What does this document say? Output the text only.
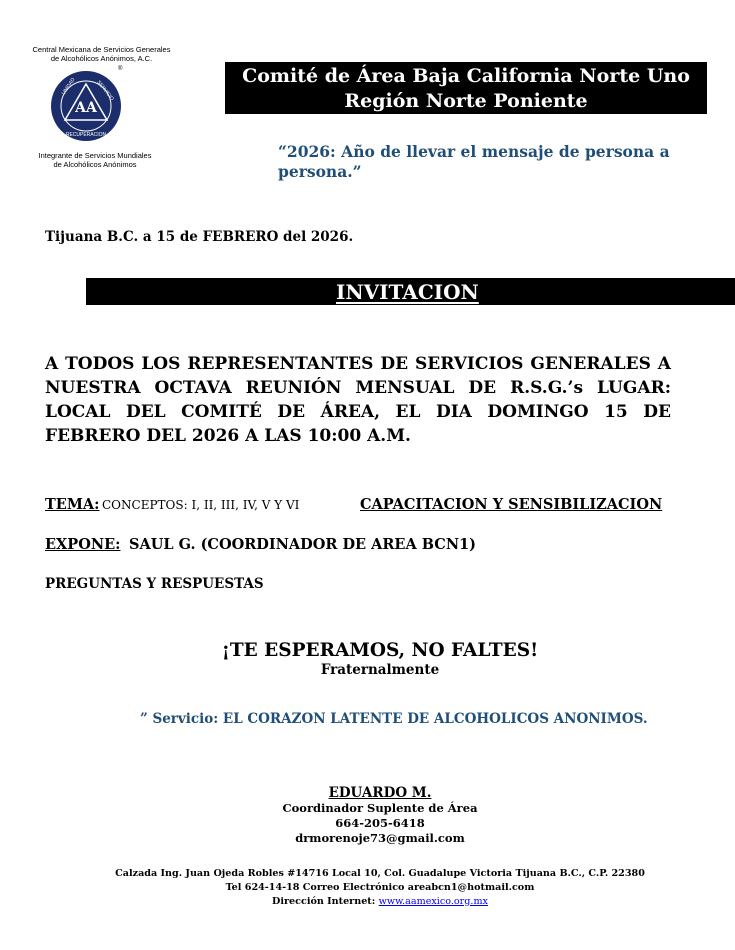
Central Mexicana de Servicios Generales
de Alcohólicos Anónimos, A.C.
AA
UNIDAD	SERVICIO
RECUPERACION
®
Integrante de Servicios Mundiales
de Alcohólicos Anónimos
Comité de Área Baja California Norte Uno
Región Norte Poniente
“2026: Año de llevar el mensaje de persona a persona.”
Tijuana B.C. a 15 de FEBRERO del 2026.
INVITACION
A TODOS LOS REPRESENTANTES DE SERVICIOS GENERALES A NUESTRA OCTAVA REUNIÓN MENSUAL DE R.S.G.’s LUGAR: LOCAL DEL COMITÉ DE ÁREA, EL DIA DOMINGO 15 DE FEBRERO DEL 2026 A LAS 10:00 A.M.
TEMA: CONCEPTOS: I, II, III, IV, V Y VI	CAPACITACION Y SENSIBILIZACION
EXPONE: SAUL G. (COORDINADOR DE AREA BCN1)
PREGUNTAS Y RESPUESTAS
¡TE ESPERAMOS, NO FALTES!
Fraternalmente
” Servicio: EL CORAZON LATENTE DE ALCOHOLICOS ANONIMOS.
EDUARDO M.
Coordinador Suplente de Área
664-205-6418
drmorenoje73@gmail.com
Calzada Ing. Juan Ojeda Robles #14716 Local 10, Col. Guadalupe Victoria Tijuana B.C., C.P. 22380
Tel 624-14-18 Correo Electrónico areabcn1@hotmail.com
Dirección Internet: www.aamexico.org.mx
